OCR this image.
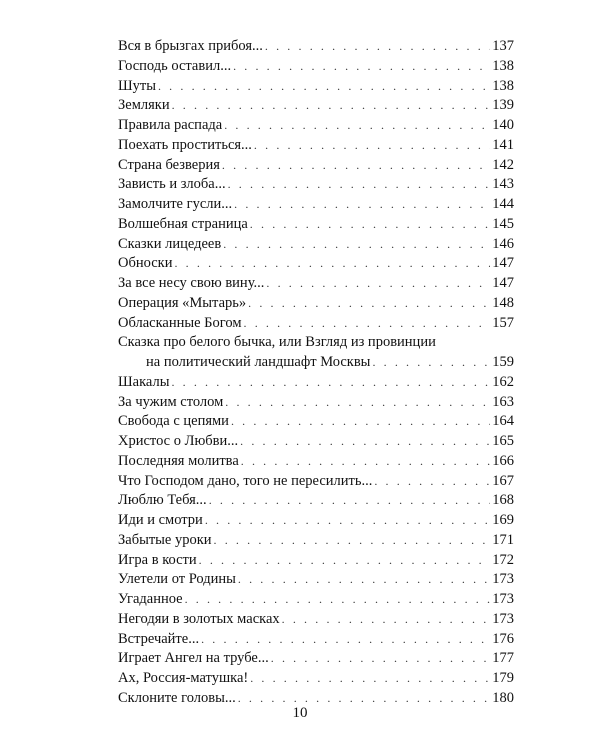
Вся в брызгах прибоя... . . .	137
Господь оставил... . . .	138
Шуты . . .	138
Земляки . . .	139
Правила распада . . .	140
Поехать проститься... . . .	141
Страна безверия . . .	142
Зависть и злоба... . . .	143
Замолчите гусли... . . .	144
Волшебная страница . . .	145
Сказки лицедеев . . .	146
Обноски . . .	147
За все несу свою вину... . . .	147
Операция «Мытарь» . . .	148
Обласканные Богом . . .	157
Сказка про белого бычка, или Взгляд из провинции
на политический ландшафт Москвы . . .	159
Шакалы . . .	162
За чужим столом . . .	163
Свобода с цепями . . .	164
Христос о Любви... . . .	165
Последняя молитва . . .	166
Что Господом дано, того не пересилить... . . .	167
Люблю Тебя... . . .	168
Иди и смотри . . .	169
Забытые уроки . . .	171
Игра в кости . . .	172
Улетели от Родины . . .	173
Угаданное . . .	173
Негодяи в золотых масках . . .	173
Встречайте... . . .	176
Играет Ангел на трубе... . . .	177
Ах, Россия-матушка! . . .	179
Склоните головы... . . .	180
10
